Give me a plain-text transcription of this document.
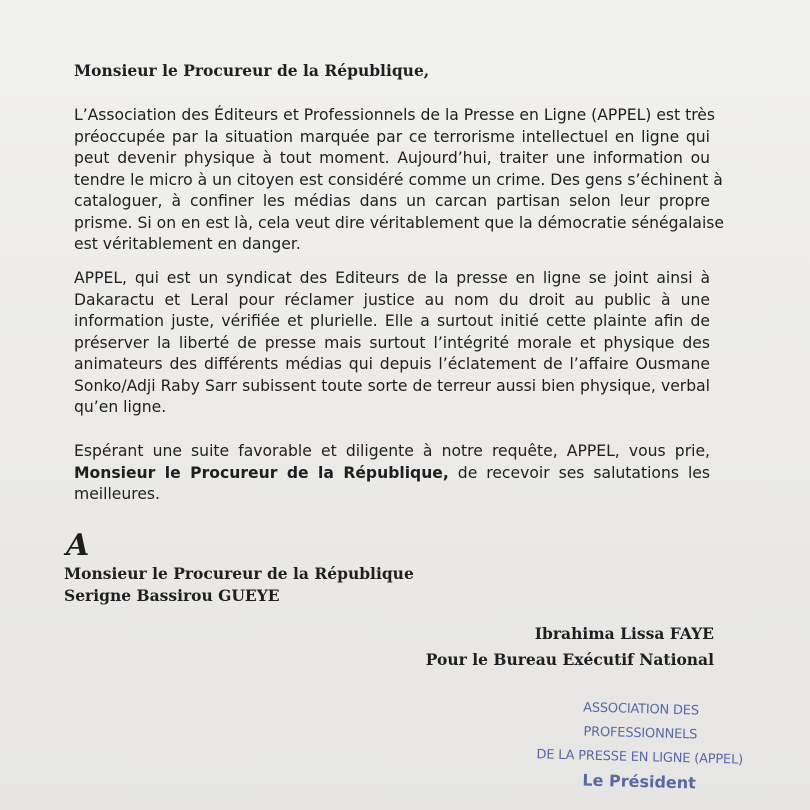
Monsieur le Procureur de la République,
L’Association des Éditeurs et Professionnels de la Presse en Ligne (APPEL) est très
préoccupée par la situation marquée par ce terrorisme intellectuel en ligne qui
peut devenir physique à tout moment. Aujourd’hui, traiter une information ou
tendre le micro à un citoyen est considéré comme un crime. Des gens s’échinent à
cataloguer, à confiner les médias dans un carcan partisan selon leur propre
prisme. Si on en est là, cela veut dire véritablement que la démocratie sénégalaise
est véritablement en danger.
APPEL, qui est un syndicat des Editeurs de la presse en ligne se joint ainsi à
Dakaractu et Leral pour réclamer justice au nom du droit au public à une
information juste, vérifiée et plurielle. Elle a surtout initié cette plainte afin de
préserver la liberté de presse mais surtout l’intégrité morale et physique des
animateurs des différents médias qui depuis l’éclatement de l’affaire Ousmane
Sonko/Adji Raby Sarr subissent toute sorte de terreur aussi bien physique, verbal
qu’en ligne.
Espérant une suite favorable et diligente à notre requête, APPEL, vous prie,
Monsieur le Procureur de la République, de recevoir ses salutations les
meilleures.
A
Monsieur le Procureur de la République
Serigne Bassirou GUEYE
Ibrahima Lissa FAYE
Pour le Bureau Exécutif National
ASSOCIATION DES PROFESSIONNELS
DE LA PRESSE EN LIGNE (APPEL)
Le Président
